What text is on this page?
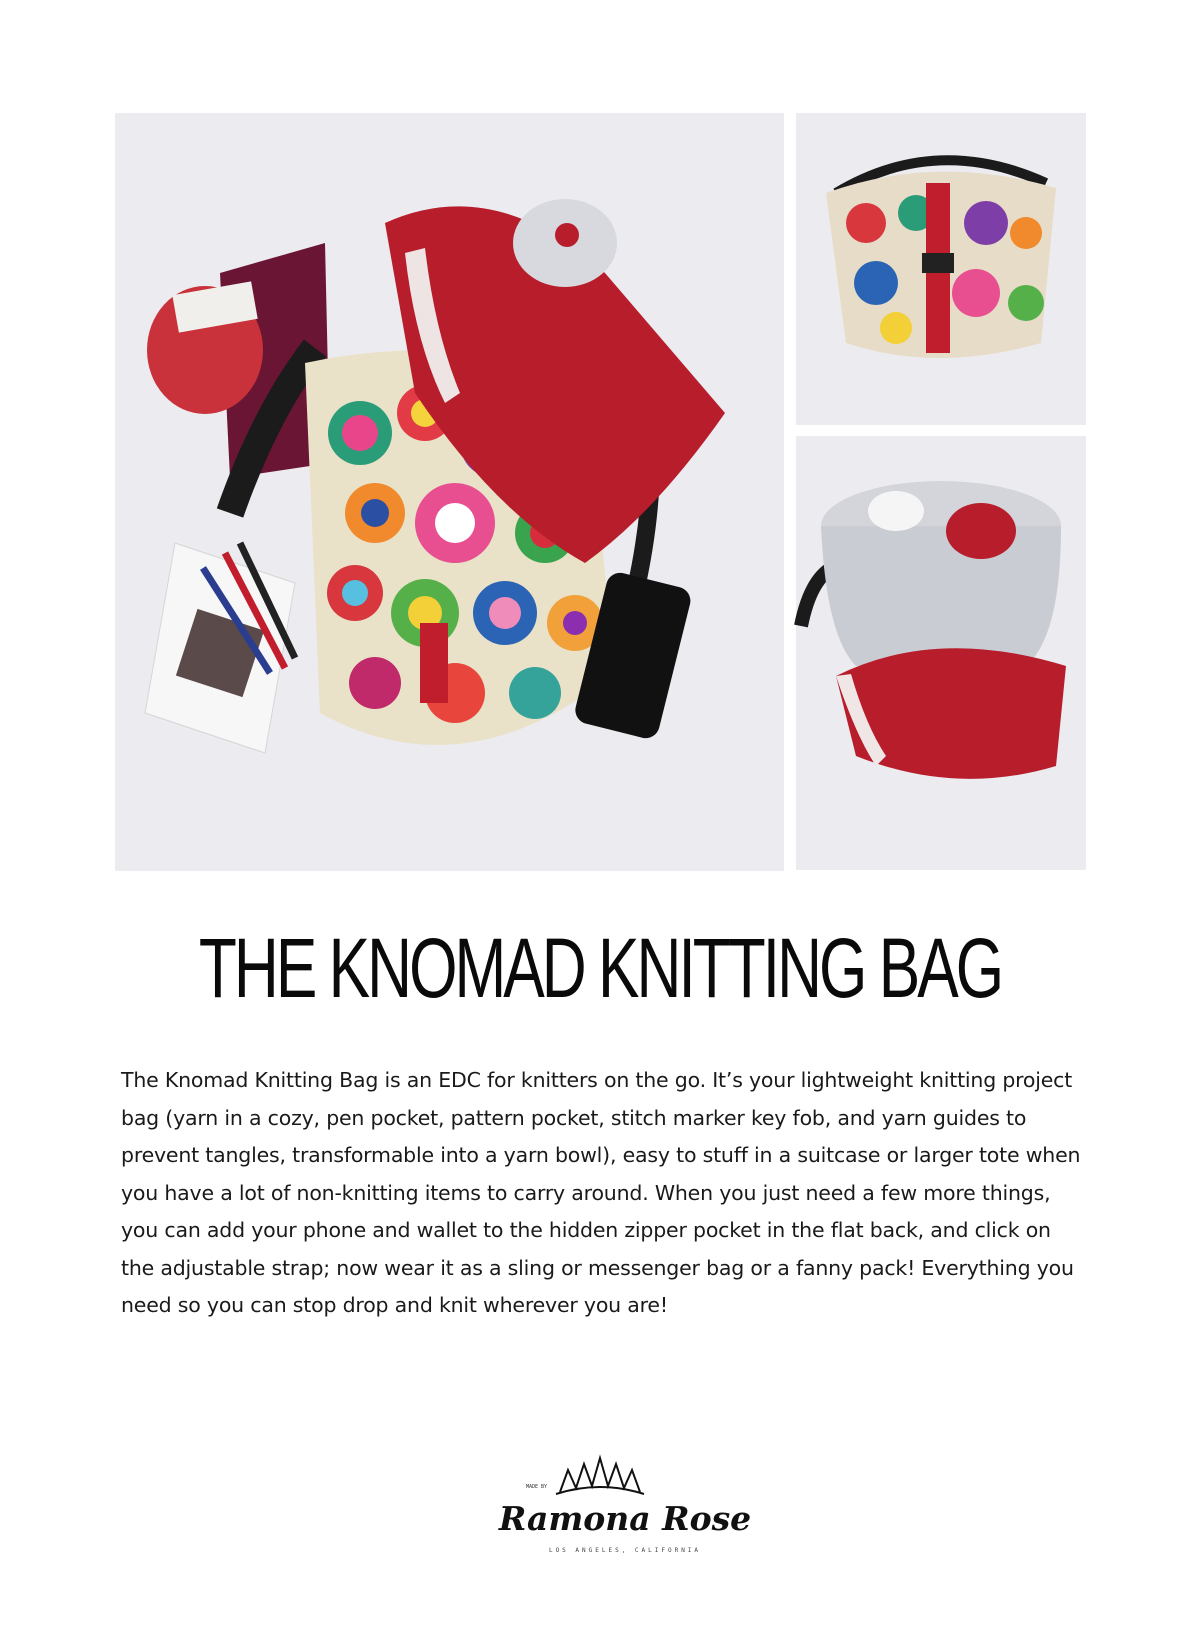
THE KNOMAD KNITTING BAG

The Knomad Knitting Bag is an EDC for knitters on the go. It’s your lightweight knitting project bag (yarn in a cozy, pen pocket, pattern pocket, stitch marker key fob, and yarn guides to prevent tangles, transformable into a yarn bowl), easy to stuff in a suitcase or larger tote when you have a lot of non-knitting items to carry around. When you just need a few more things, you can add your phone and wallet to the hidden zipper pocket in the flat back, and click on the adjustable strap; now wear it as a sling or messenger bag or a fanny pack! Everything you need so you can stop drop and knit wherever you are!

MADE BY
Ramona Rose
LOS ANGELES, CALIFORNIA
